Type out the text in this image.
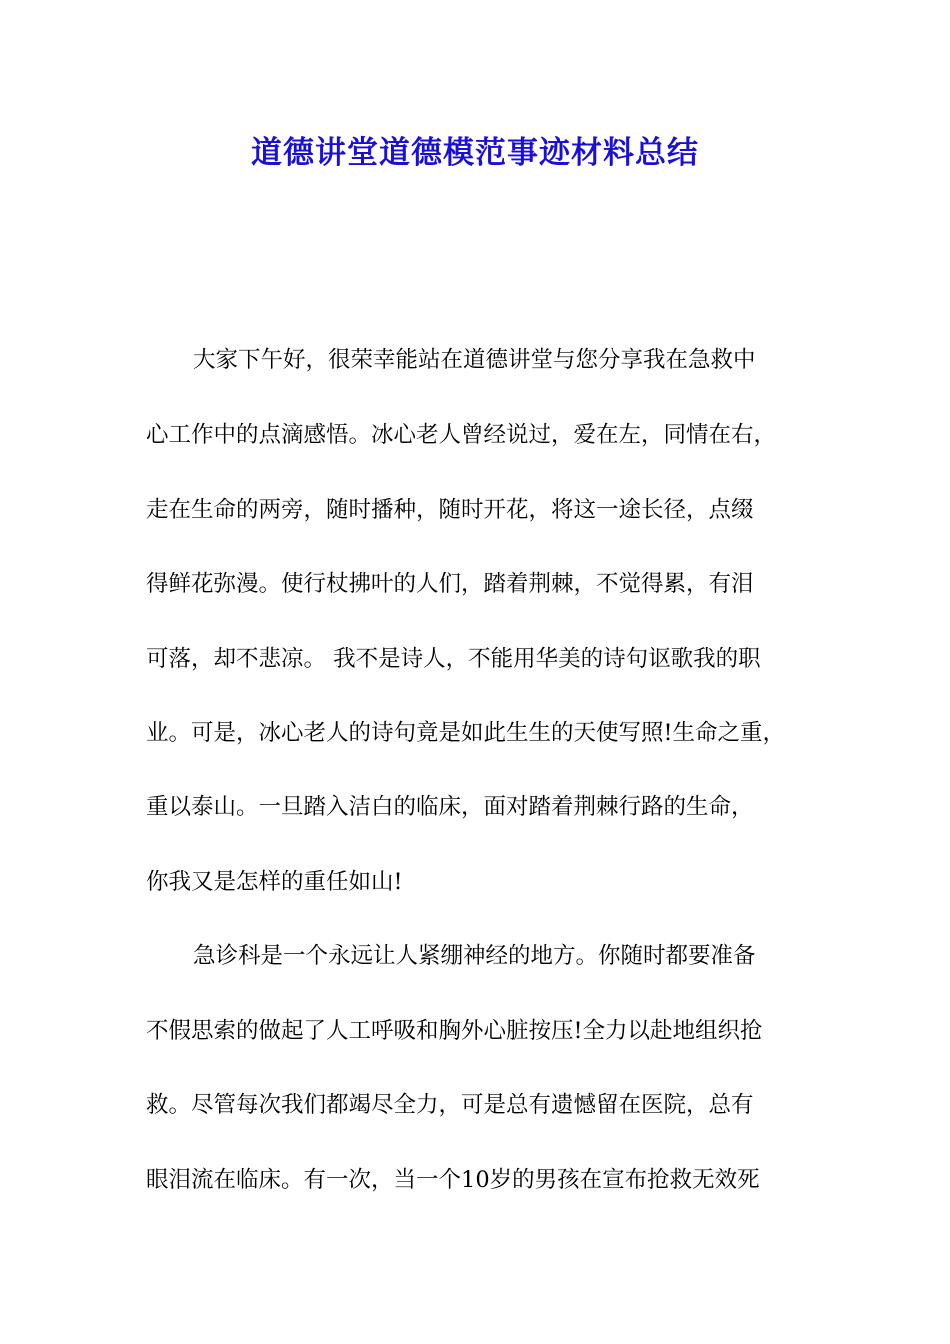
道德讲堂道德模范事迹材料总结

大家下午好，很荣幸能站在道德讲堂与您分享我在急救中

心工作中的点滴感悟。冰心老人曾经说过，爱在左，同情在右，

走在生命的两旁，随时播种，随时开花，将这一途长径，点缀

得鲜花弥漫。使行杖拂叶的人们，踏着荆棘，不觉得累，有泪

可落，却不悲凉。 我不是诗人，不能用华美的诗句讴歌我的职

业。可是，冰心老人的诗句竟是如此生生的天使写照!生命之重，

重以泰山。一旦踏入洁白的临床，面对踏着荆棘行路的生命，

你我又是怎样的重任如山!

急诊科是一个永远让人紧绷神经的地方。你随时都要准备

不假思索的做起了人工呼吸和胸外心脏按压!全力以赴地组织抢

救。尽管每次我们都竭尽全力，可是总有遗憾留在医院，总有

眼泪流在临床。有一次，当一个10岁的男孩在宣布抢救无效死
